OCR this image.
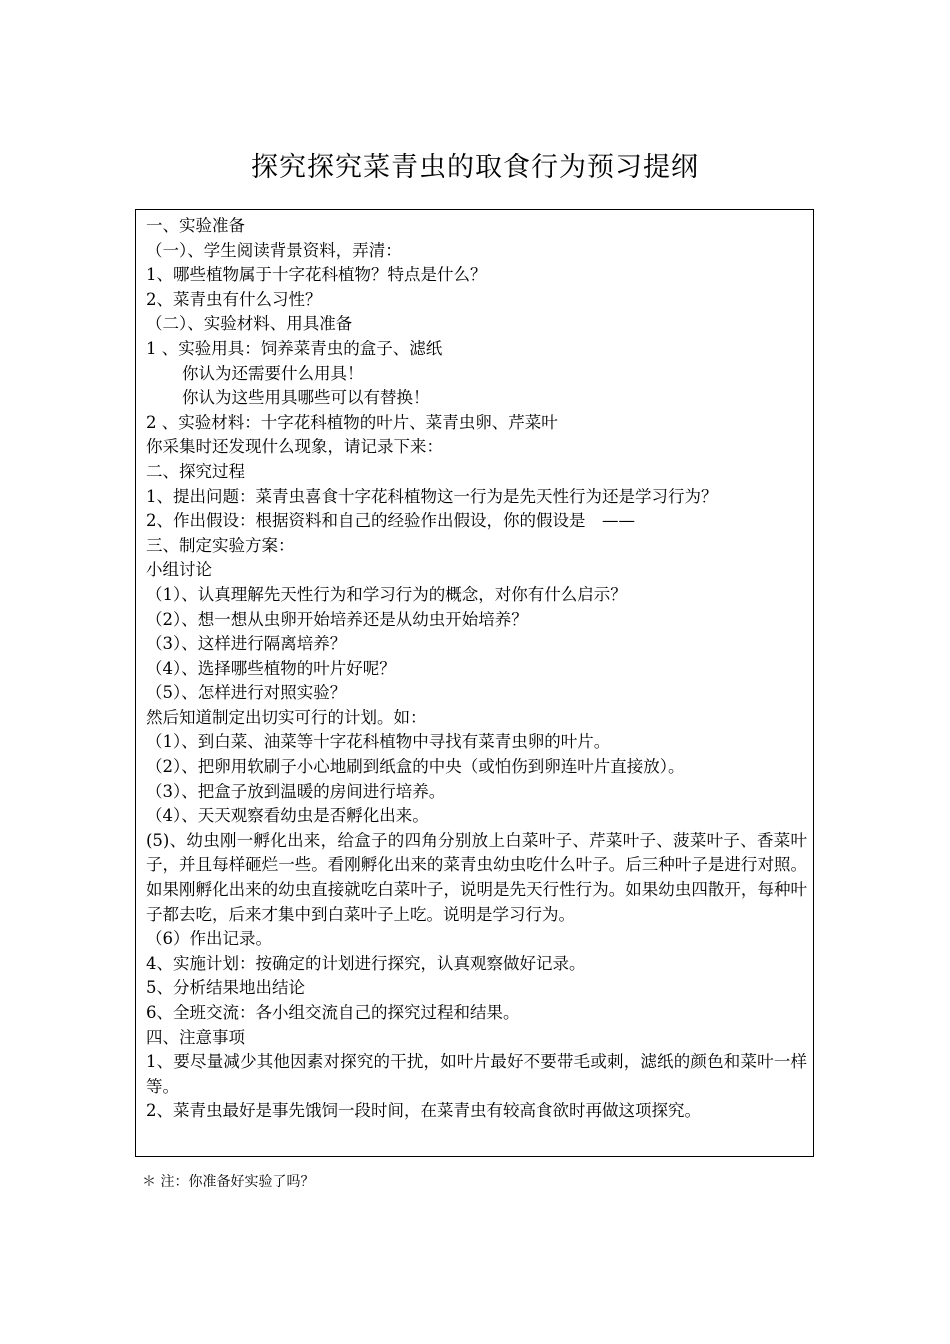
探究探究菜青虫的取食行为预习提纲
一、实验准备
（一）、学生阅读背景资料，弄清：
1、哪些植物属于十字花科植物？特点是什么？
2、菜青虫有什么习性？
（二）、实验材料、用具准备
1 、实验用具：饲养菜青虫的盒子、滤纸
你认为还需要什么用具！
你认为这些用具哪些可以有替换！
2 、实验材料：十字花科植物的叶片、菜青虫卵、芹菜叶
你采集时还发现什么现象，请记录下来：
二、探究过程
1、提出问题：菜青虫喜食十字花科植物这一行为是先天性行为还是学习行为？
2、作出假设：根据资料和自己的经验作出假设，你的假设是　——
三、制定实验方案：
小组讨论
（1）、认真理解先天性行为和学习行为的概念，对你有什么启示？
（2）、想一想从虫卵开始培养还是从幼虫开始培养？
（3）、这样进行隔离培养？
（4）、选择哪些植物的叶片好呢？
（5）、怎样进行对照实验？
然后知道制定出切实可行的计划。如：
（1）、到白菜、油菜等十字花科植物中寻找有菜青虫卵的叶片。
（2）、把卵用软刷子小心地刷到纸盒的中央（或怕伤到卵连叶片直接放）。
（3）、把盒子放到温暖的房间进行培养。
（4）、天天观察看幼虫是否孵化出来。
(5)、幼虫刚一孵化出来，给盒子的四角分别放上白菜叶子、芹菜叶子、菠菜叶子、香菜叶子，并且每样砸烂一些。看刚孵化出来的菜青虫幼虫吃什么叶子。后三种叶子是进行对照。如果刚孵化出来的幼虫直接就吃白菜叶子，说明是先天行性行为。如果幼虫四散开，每种叶子都去吃，后来才集中到白菜叶子上吃。说明是学习行为。
（6）作出记录。
4、实施计划：按确定的计划进行探究，认真观察做好记录。
5、分析结果地出结论
6、全班交流：各小组交流自己的探究过程和结果。
四、注意事项
1、要尽量减少其他因素对探究的干扰，如叶片最好不要带毛或刺，滤纸的颜色和菜叶一样等。
2、菜青虫最好是事先饿饲一段时间，在菜青虫有较高食欲时再做这项探究。
＊ 注：你准备好实验了吗？
